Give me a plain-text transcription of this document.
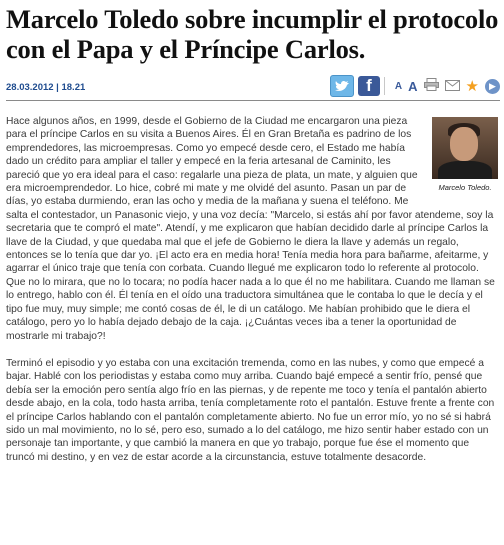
Marcelo Toledo sobre incumplir el protocolo con el Papa y el Príncipe Carlos.
28.03.2012 | 18.21	f	A A	★	▶
Marcelo Toledo.

Hace algunos años, en 1999, desde el Gobierno de la Ciudad me encargaron una pieza para el príncipe Carlos en su visita a Buenos Aires. Él en Gran Bretaña es padrino de los emprendedores, las microempresas. Como yo empecé desde cero, el Estado me había dado un crédito para ampliar el taller y empecé en la feria artesanal de Caminito, les pareció que yo era ideal para el caso: regalarle una pieza de plata, un mate, y alguien que era microemprendedor. Lo hice, cobré mi mate y me olvidé del asunto. Pasan un par de días, yo estaba durmiendo, eran las ocho y media de la mañana y suena el teléfono. Me salta el contestador, un Panasonic viejo, y una voz decía: "Marcelo, si estás ahí por favor atendeme, soy la secretaria que te compró el mate". Atendí, y me explicaron que habían decidido darle al príncipe Carlos la llave de la Ciudad, y que quedaba mal que el jefe de Gobierno le diera la llave y además un regalo, entonces se lo tenía que dar yo. ¡El acto era en media hora! Tenía media hora para bañarme, afeitarme, y agarrar el único traje que tenía con corbata. Cuando llegué me explicaron todo lo referente al protocolo. Que no lo mirara, que no lo tocara; no podía hacer nada a lo que él no me habilitara. Cuando me llaman se lo entrego, hablo con él. Él tenía en el oído una traductora simultánea que le contaba lo que le decía y el tipo fue muy, muy simple; me contó cosas de él, le di un catálogo. Me habían prohibido que le diera el catálogo, pero yo lo había dejado debajo de la caja. ¡¿Cuántas veces iba a tener la oportunidad de mostrarle mi trabajo?!

Terminó el episodio y yo estaba con una excitación tremenda, como en las nubes, y como que empecé a bajar. Hablé con los periodistas y estaba como muy arriba. Cuando bajé empecé a sentir frío, pensé que debía ser la emoción pero sentía algo frío en las piernas, y de repente me toco y tenía el pantalón abierto desde abajo, en la cola, todo hasta arriba, tenía completamente roto el pantalón. Estuve frente a frente con el príncipe Carlos hablando con el pantalón completamente abierto. No fue un error mío, yo no sé si habrá sido un mal movimiento, no lo sé, pero eso, sumado a lo del catálogo, me hizo sentir haber estado con un personaje tan importante, y que cambió la manera en que yo trabajo, porque fue ése el momento que truncó mi destino, y en vez de estar acorde a la circunstancia, estuve totalmente desacorde.
